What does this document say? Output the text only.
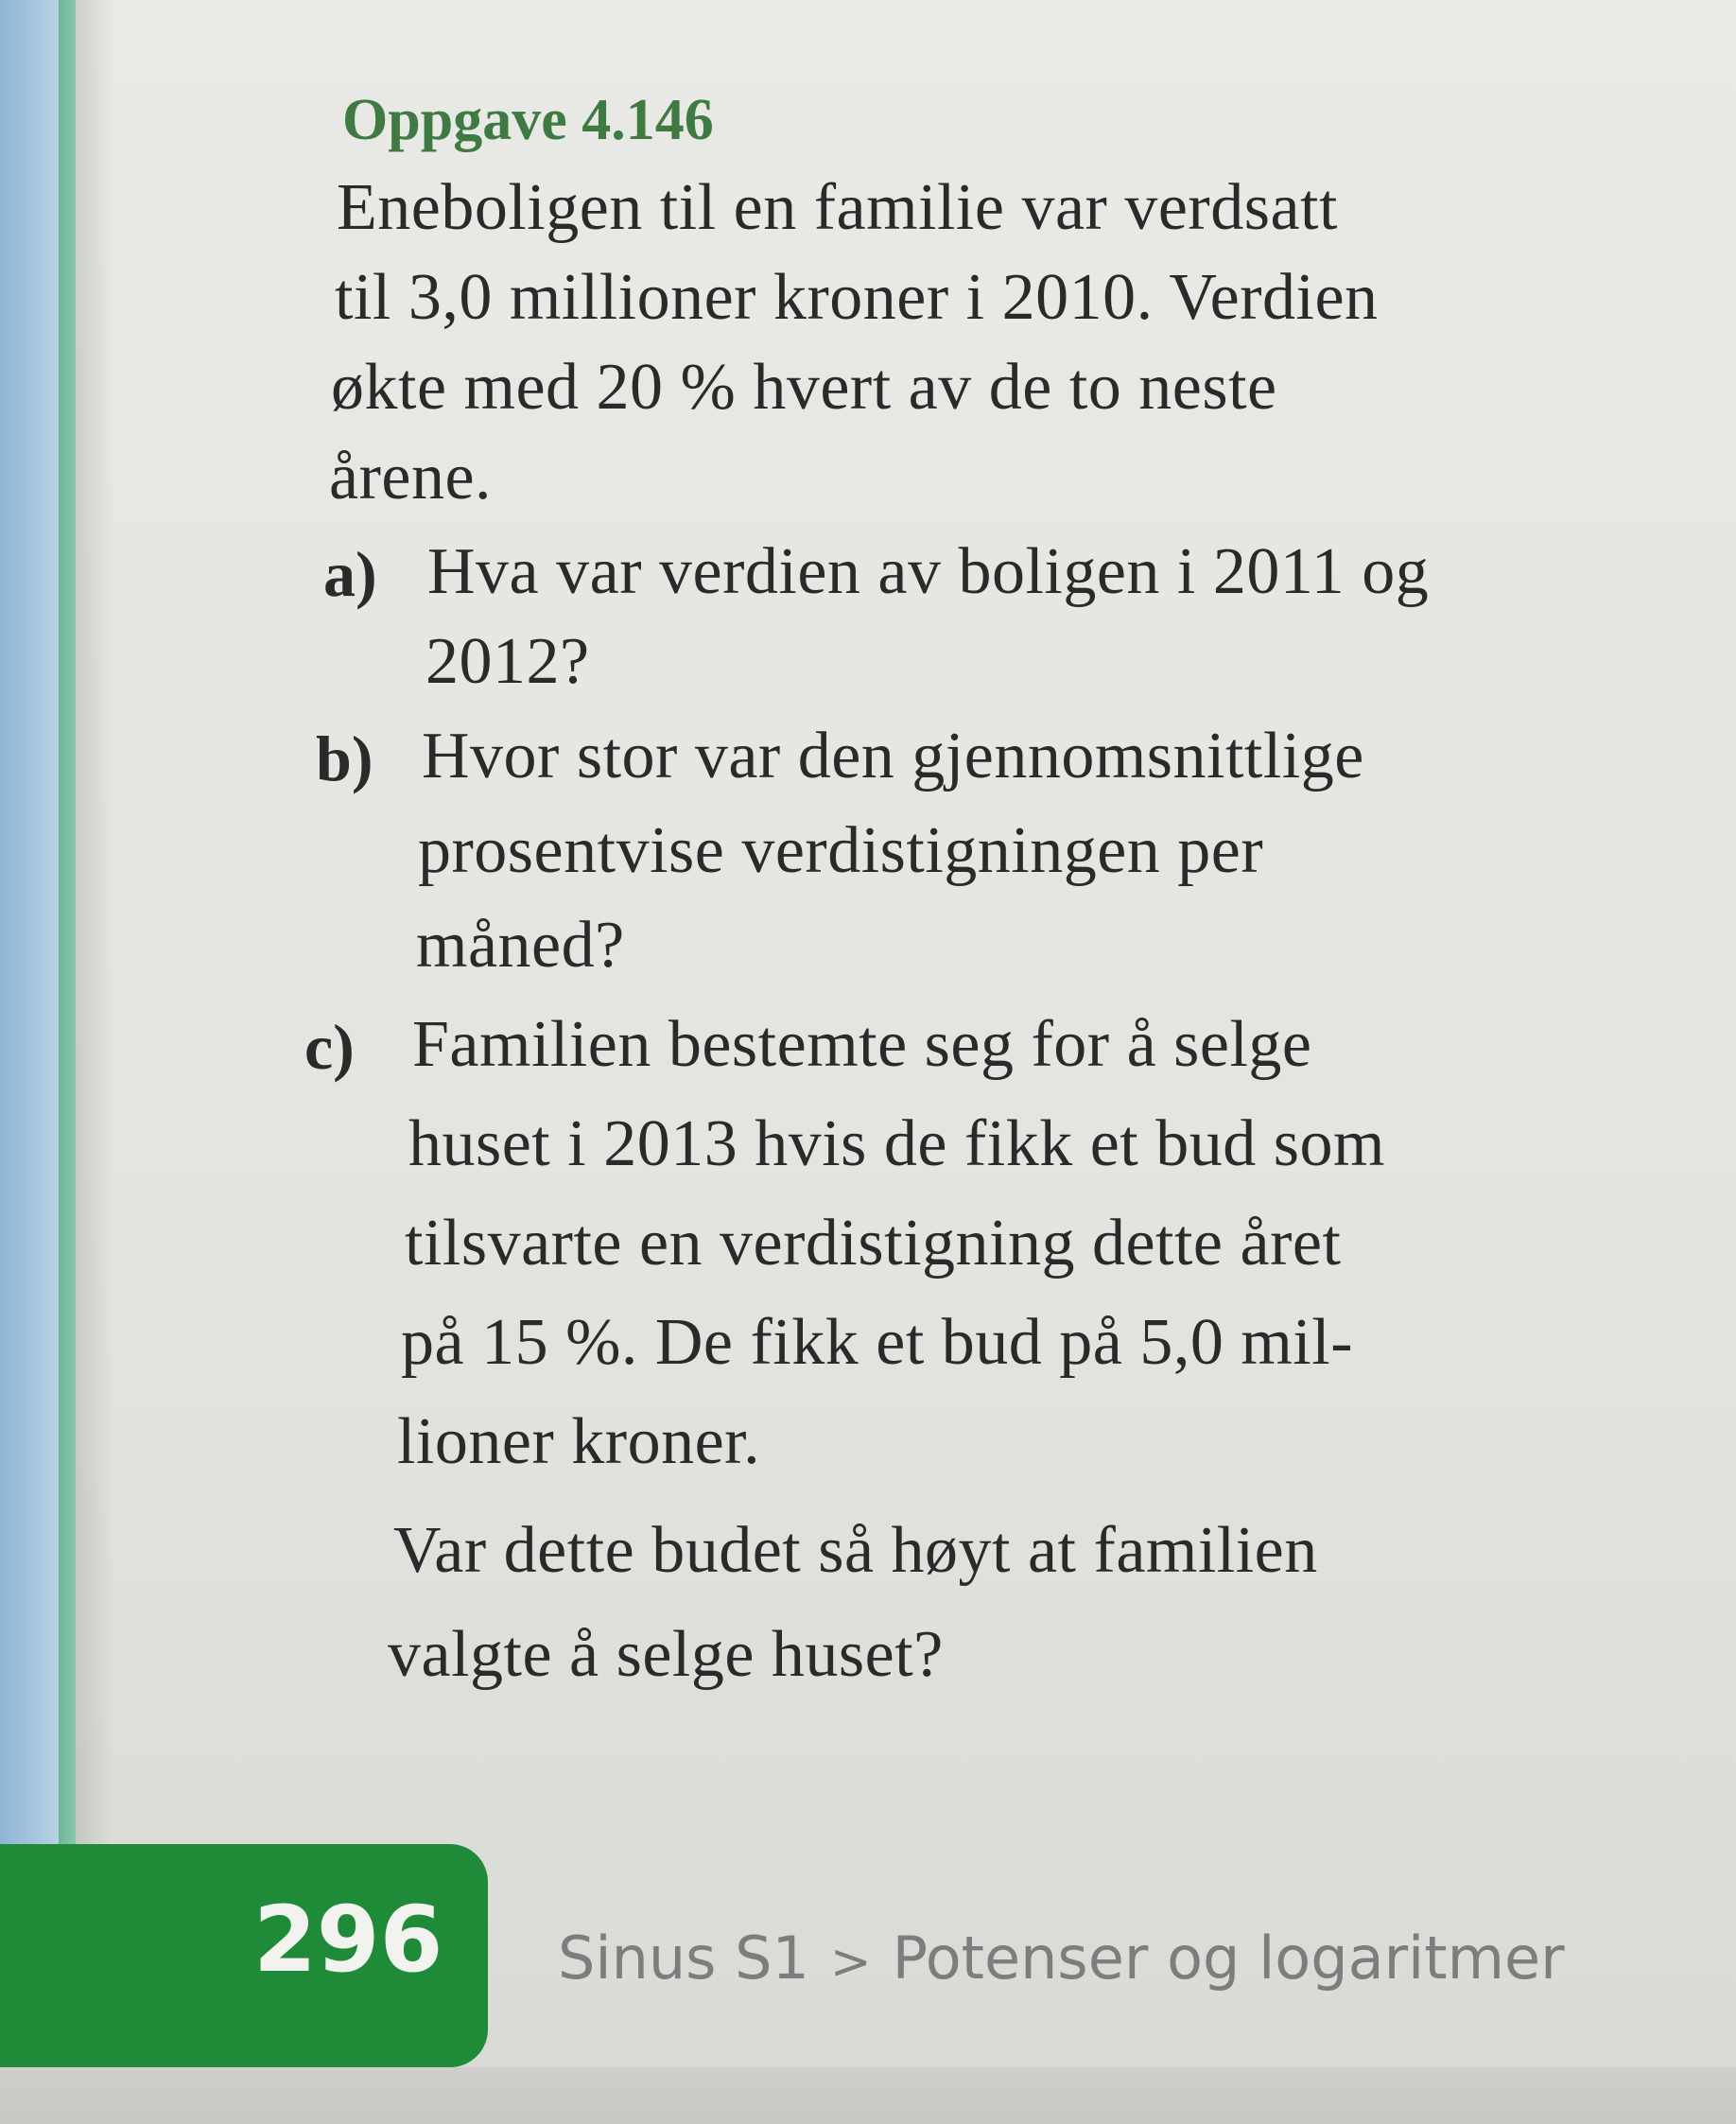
Oppgave 4.146
Eneboligen til en familie var verdsatt
til 3,0 millioner kroner i 2010. Verdien
økte med 20 % hvert av de to neste
årene.
a) Hva var verdien av boligen i 2011 og
2012?
b) Hvor stor var den gjennomsnittlige
prosentvise verdistigningen per
måned?
c) Familien bestemte seg for å selge
huset i 2013 hvis de fikk et bud som
tilsvarte en verdistigning dette året
på 15 %. De fikk et bud på 5,0 mil-
lioner kroner.
Var dette budet så høyt at familien
valgte å selge huset?
296 Sinus S1 > Potenser og logaritmer
